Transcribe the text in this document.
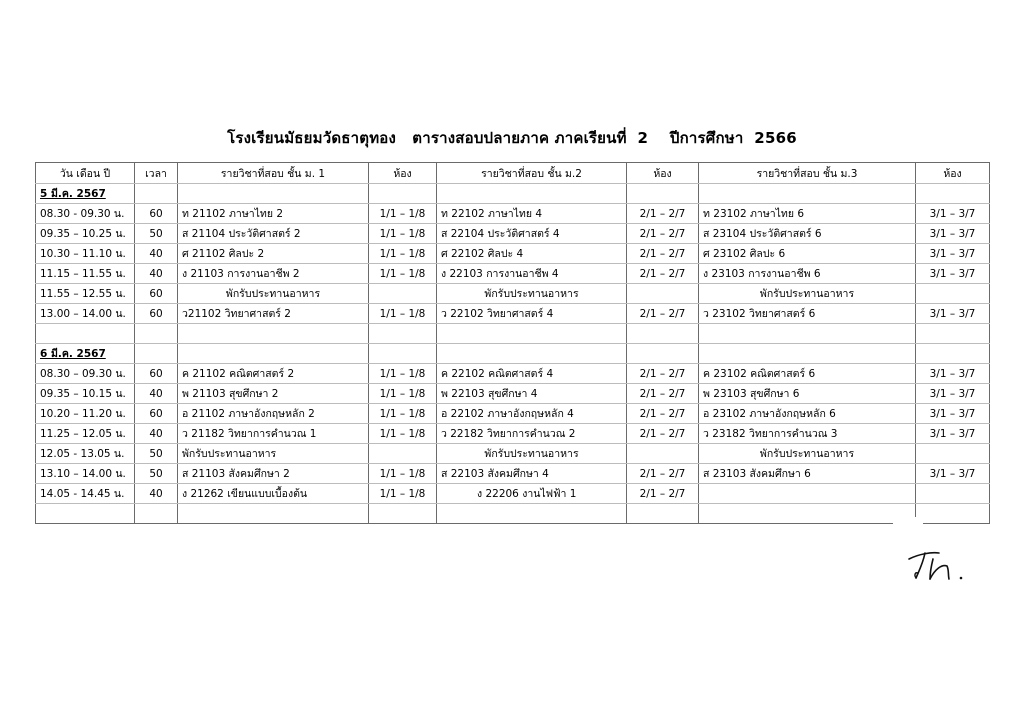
โรงเรียนมัธยมวัดธาตุทอง   ตารางสอบปลายภาค ภาคเรียนที่  2    ปีการศึกษา  2566
วัน เดือน ปี	เวลา	รายวิชาที่สอบ ชั้น ม. 1	ห้อง	รายวิชาที่สอบ ชั้น ม.2	ห้อง	รายวิชาที่สอบ ชั้น ม.3	ห้อง
5 มี.ค. 2567							
08.30 - 09.30 น.	60	ท 21102 ภาษาไทย 2	1/1 – 1/8	ท 22102 ภาษาไทย 4	2/1 – 2/7	ท 23102 ภาษาไทย 6	3/1 – 3/7
09.35 – 10.25 น.	50	ส 21104 ประวัติศาสตร์ 2	1/1 – 1/8	ส 22104 ประวัติศาสตร์ 4	2/1 – 2/7	ส 23104 ประวัติศาสตร์ 6	3/1 – 3/7
10.30 – 11.10 น.	40	ศ 21102 ศิลปะ 2	1/1 – 1/8	ศ 22102 ศิลปะ 4	2/1 – 2/7	ศ 23102 ศิลปะ 6	3/1 – 3/7
11.15 – 11.55 น.	40	ง 21103 การงานอาชีพ 2	1/1 – 1/8	ง 22103 การงานอาชีพ 4	2/1 – 2/7	ง 23103 การงานอาชีพ 6	3/1 – 3/7
11.55 – 12.55 น.	60	พักรับประทานอาหาร		พักรับประทานอาหาร		พักรับประทานอาหาร	
13.00 – 14.00 น.	60	ว21102 วิทยาศาสตร์ 2	1/1 – 1/8	ว 22102 วิทยาศาสตร์ 4	2/1 – 2/7	ว 23102 วิทยาศาสตร์ 6	3/1 – 3/7

6 มี.ค. 2567							
08.30 – 09.30 น.	60	ค 21102 คณิตศาสตร์ 2	1/1 – 1/8	ค 22102 คณิตศาสตร์ 4	2/1 – 2/7	ค 23102 คณิตศาสตร์ 6	3/1 – 3/7
09.35 – 10.15 น.	40	พ 21103 สุขศึกษา 2	1/1 – 1/8	พ 22103 สุขศึกษา 4	2/1 – 2/7	พ 23103 สุขศึกษา 6	3/1 – 3/7
10.20 – 11.20 น.	60	อ 21102 ภาษาอังกฤษหลัก 2	1/1 – 1/8	อ 22102 ภาษาอังกฤษหลัก 4	2/1 – 2/7	อ 23102 ภาษาอังกฤษหลัก 6	3/1 – 3/7
11.25 – 12.05 น.	40	ว 21182 วิทยาการคำนวณ 1	1/1 – 1/8	ว 22182 วิทยาการคำนวณ 2	2/1 – 2/7	ว 23182 วิทยาการคำนวณ 3	3/1 – 3/7
12.05 - 13.05 น.	50	พักรับประทานอาหาร		พักรับประทานอาหาร		พักรับประทานอาหาร	
13.10 – 14.00 น.	50	ส 21103 สังคมศึกษา 2	1/1 – 1/8	ส 22103 สังคมศึกษา 4	2/1 – 2/7	ส 23103 สังคมศึกษา 6	3/1 – 3/7
14.05 - 14.45 น.	40	ง 21262 เขียนแบบเบื้องต้น	1/1 – 1/8	ง 22206 งานไฟฟ้า 1	2/1 – 2/7		
